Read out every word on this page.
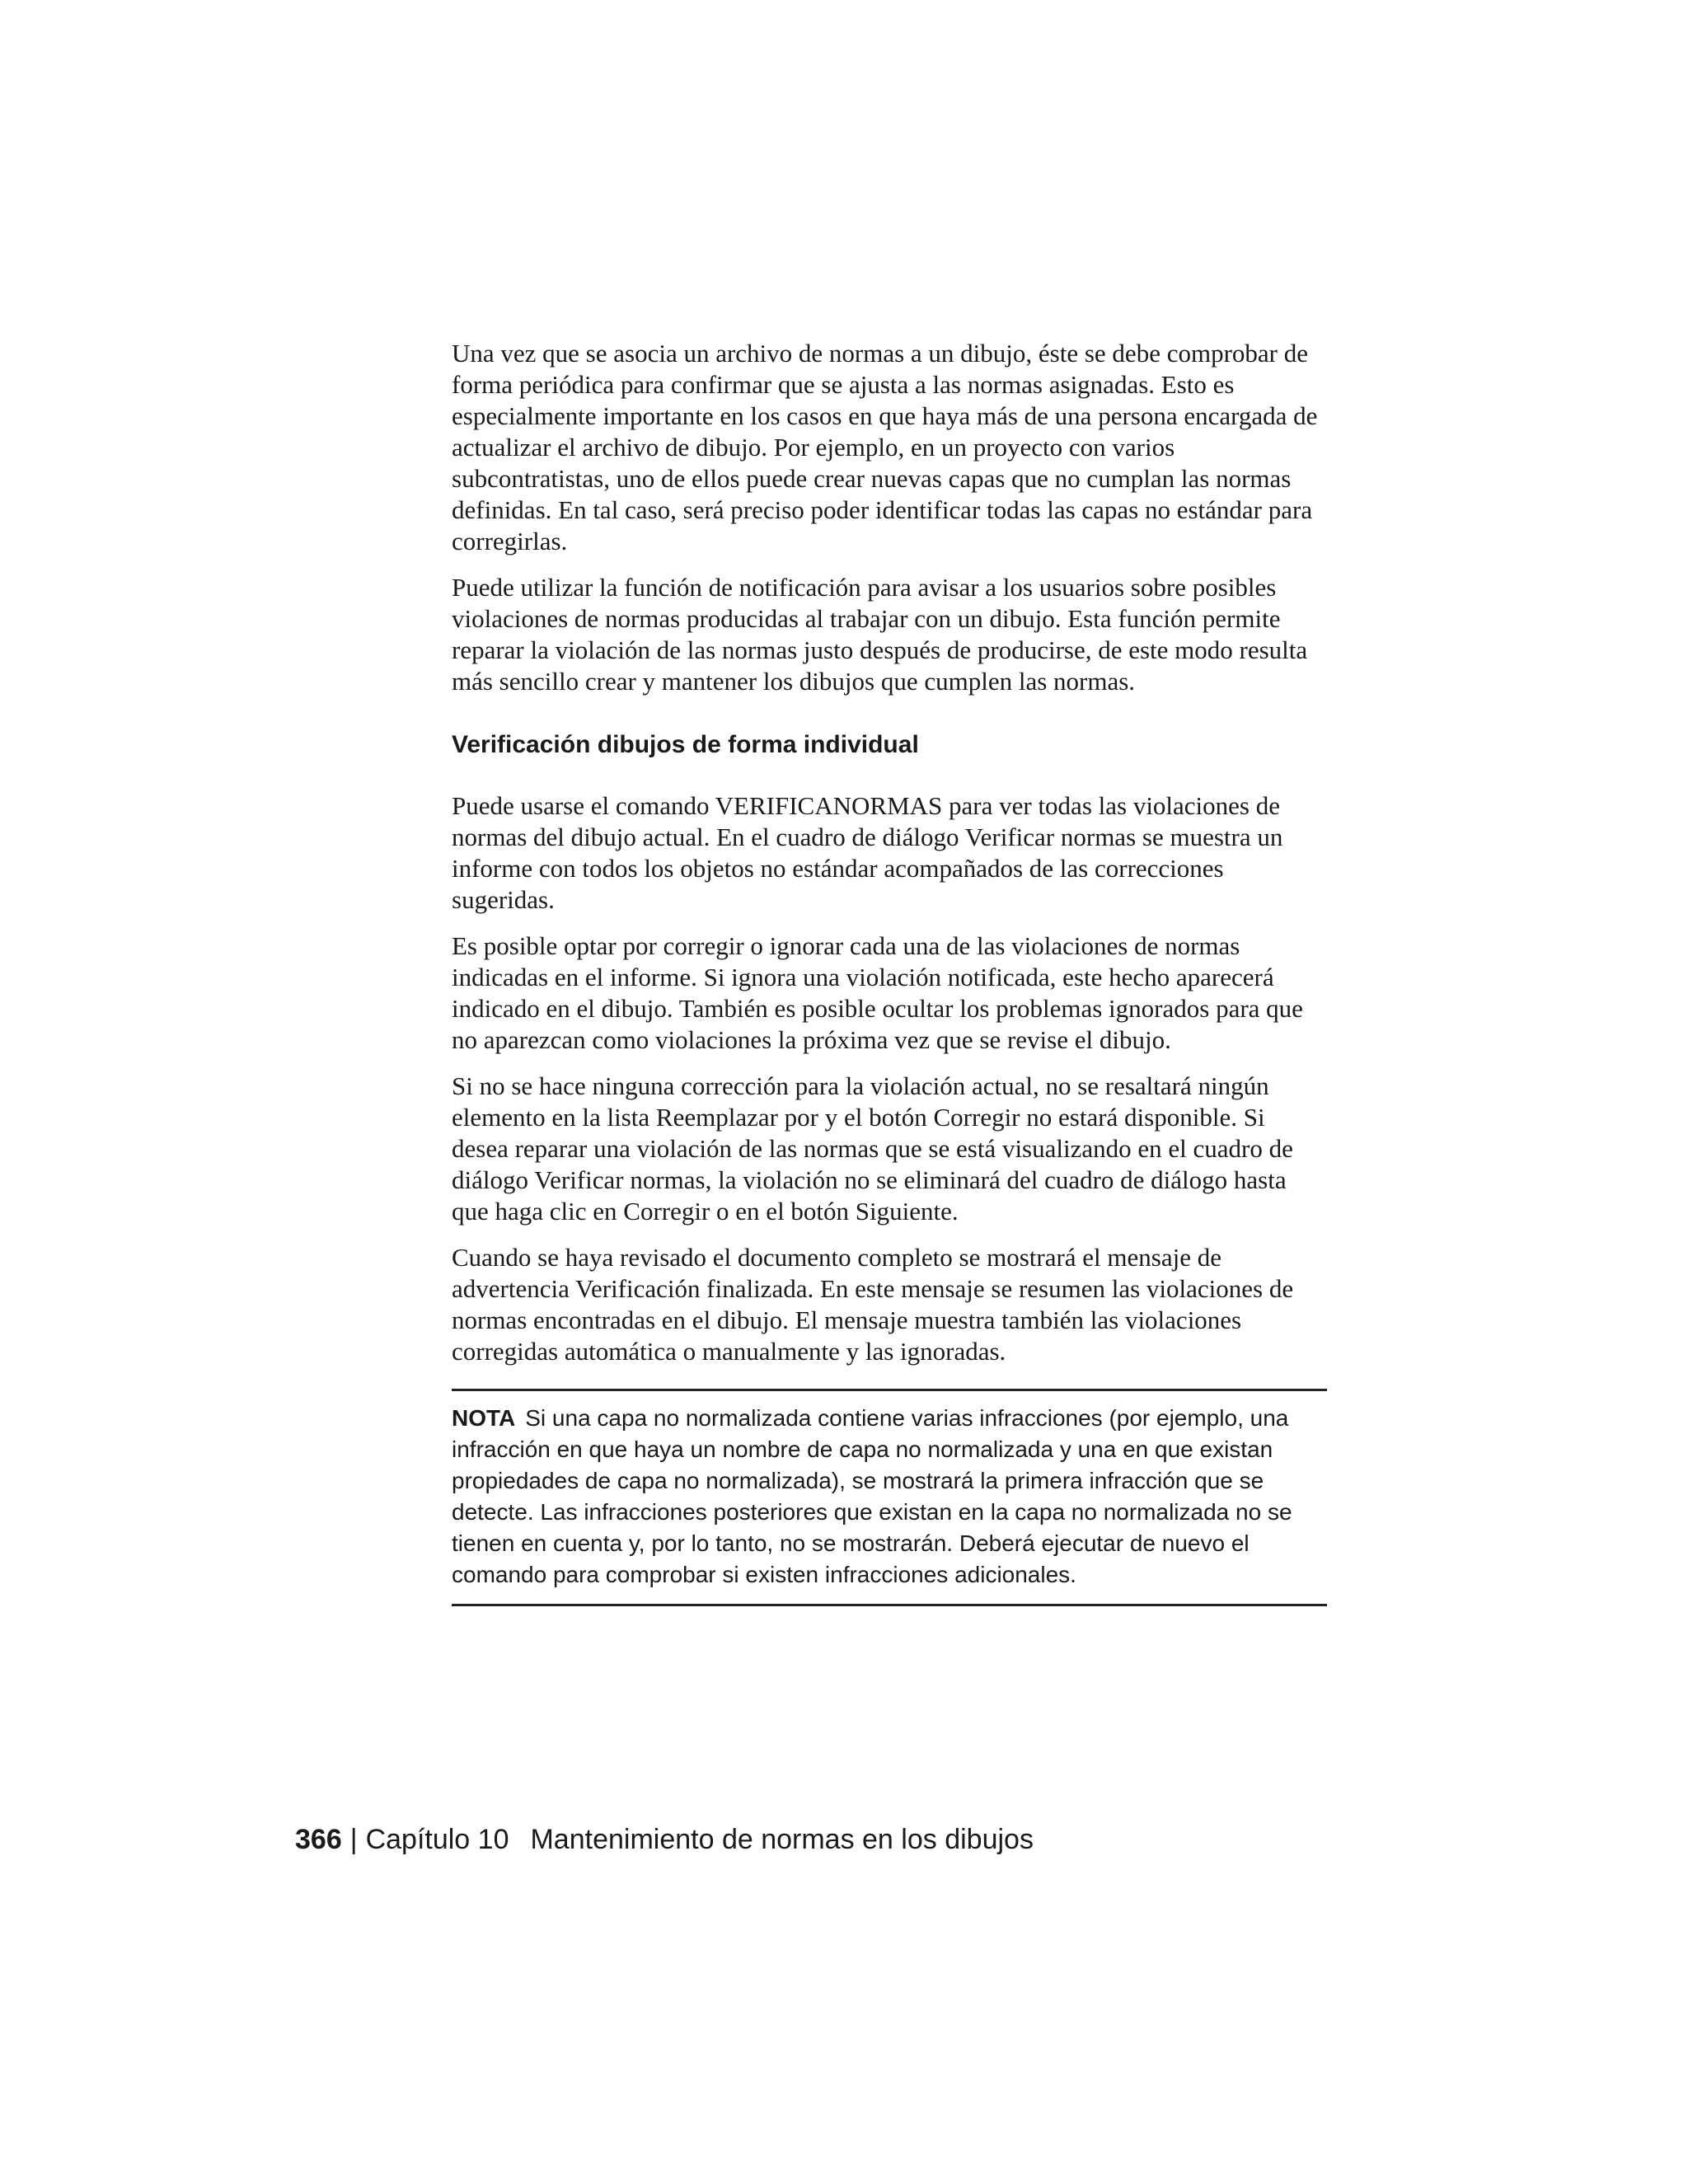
Una vez que se asocia un archivo de normas a un dibujo, éste se debe comprobar de forma periódica para confirmar que se ajusta a las normas asignadas. Esto es especialmente importante en los casos en que haya más de una persona encargada de actualizar el archivo de dibujo. Por ejemplo, en un proyecto con varios subcontratistas, uno de ellos puede crear nuevas capas que no cumplan las normas definidas. En tal caso, será preciso poder identificar todas las capas no estándar para corregirlas.

Puede utilizar la función de notificación para avisar a los usuarios sobre posibles violaciones de normas producidas al trabajar con un dibujo. Esta función permite reparar la violación de las normas justo después de producirse, de este modo resulta más sencillo crear y mantener los dibujos que cumplen las normas.

Verificación dibujos de forma individual

Puede usarse el comando VERIFICANORMAS para ver todas las violaciones de normas del dibujo actual. En el cuadro de diálogo Verificar normas se muestra un informe con todos los objetos no estándar acompañados de las correcciones sugeridas.

Es posible optar por corregir o ignorar cada una de las violaciones de normas indicadas en el informe. Si ignora una violación notificada, este hecho aparecerá indicado en el dibujo. También es posible ocultar los problemas ignorados para que no aparezcan como violaciones la próxima vez que se revise el dibujo.

Si no se hace ninguna corrección para la violación actual, no se resaltará ningún elemento en la lista Reemplazar por y el botón Corregir no estará disponible. Si desea reparar una violación de las normas que se está visualizando en el cuadro de diálogo Verificar normas, la violación no se eliminará del cuadro de diálogo hasta que haga clic en Corregir o en el botón Siguiente.

Cuando se haya revisado el documento completo se mostrará el mensaje de advertencia Verificación finalizada. En este mensaje se resumen las violaciones de normas encontradas en el dibujo. El mensaje muestra también las violaciones corregidas automática o manualmente y las ignoradas.

NOTA Si una capa no normalizada contiene varias infracciones (por ejemplo, una infracción en que haya un nombre de capa no normalizada y una en que existan propiedades de capa no normalizada), se mostrará la primera infracción que se detecte. Las infracciones posteriores que existan en la capa no normalizada no se tienen en cuenta y, por lo tanto, no se mostrarán. Deberá ejecutar de nuevo el comando para comprobar si existen infracciones adicionales.
366 | Capítulo 10 Mantenimiento de normas en los dibujos
